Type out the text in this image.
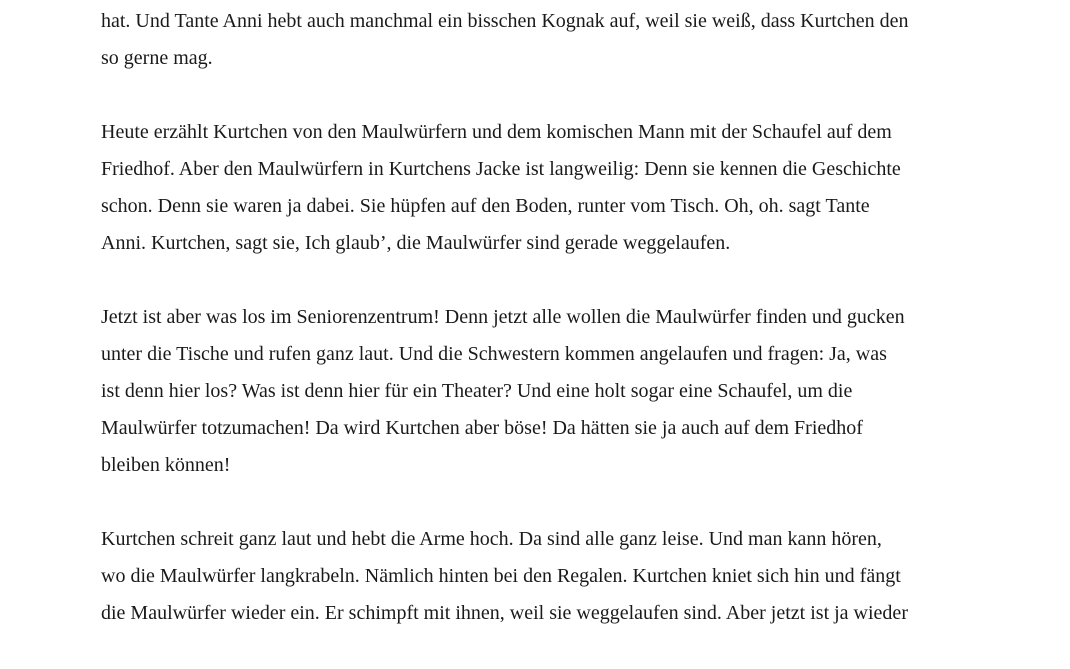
hat. Und Tante Anni hebt auch manchmal ein bisschen Kognak auf, weil sie weiß, dass Kurtchen den
so gerne mag.

Heute erzählt Kurtchen von den Maulwürfern und dem komischen Mann mit der Schaufel auf dem
Friedhof. Aber den Maulwürfern in Kurtchens Jacke ist langweilig: Denn sie kennen die Geschichte
schon. Denn sie waren ja dabei. Sie hüpfen auf den Boden, runter vom Tisch. Oh, oh. sagt Tante
Anni. Kurtchen, sagt sie, Ich glaub’, die Maulwürfer sind gerade weggelaufen.

Jetzt ist aber was los im Seniorenzentrum! Denn jetzt alle wollen die Maulwürfer finden und gucken
unter die Tische und rufen ganz laut. Und die Schwestern kommen angelaufen und fragen: Ja, was
ist denn hier los? Was ist denn hier für ein Theater? Und eine holt sogar eine Schaufel, um die
Maulwürfer totzumachen! Da wird Kurtchen aber böse! Da hätten sie ja auch auf dem Friedhof
bleiben können!

Kurtchen schreit ganz laut und hebt die Arme hoch. Da sind alle ganz leise. Und man kann hören,
wo die Maulwürfer langkrabeln. Nämlich hinten bei den Regalen. Kurtchen kniet sich hin und fängt
die Maulwürfer wieder ein. Er schimpft mit ihnen, weil sie weggelaufen sind. Aber jetzt ist ja wieder
